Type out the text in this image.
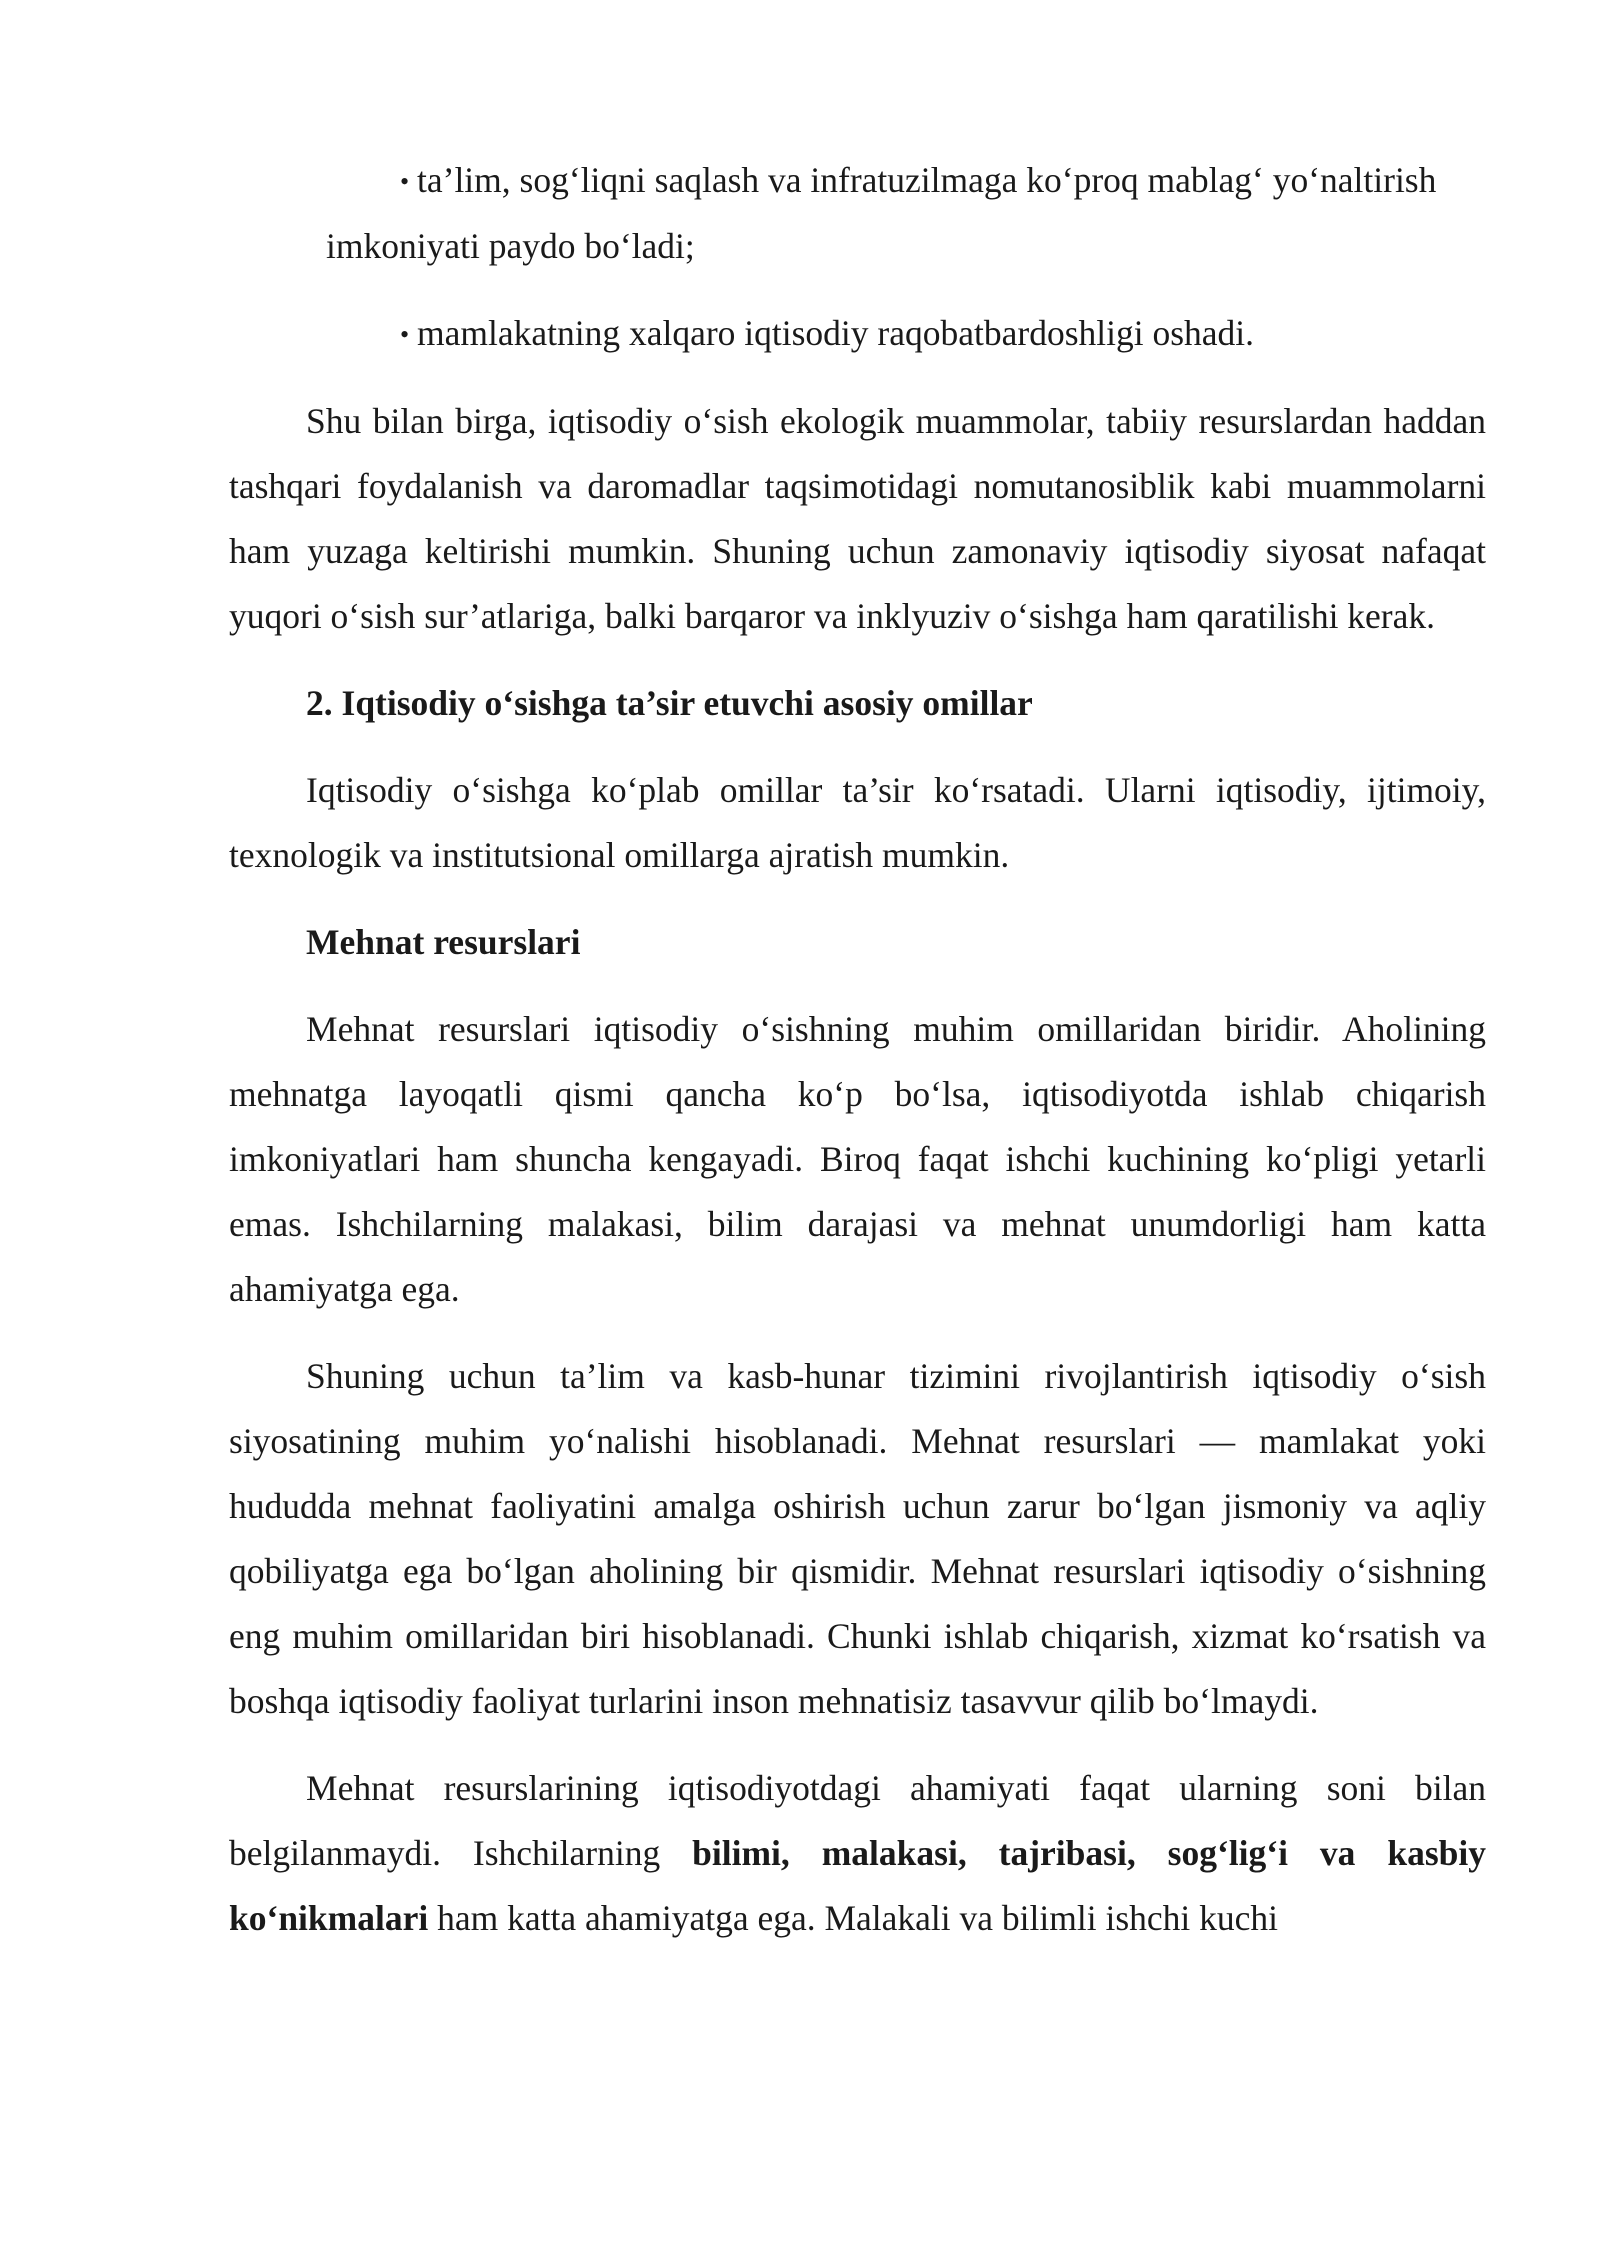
• ta’lim, sog‘liqni saqlash va infratuzilmaga ko‘proq mablag‘ yo‘naltirish
imkoniyati paydo bo‘ladi;
• mamlakatning xalqaro iqtisodiy raqobatbardoshligi oshadi.

Shu bilan birga, iqtisodiy o‘sish ekologik muammolar, tabiiy resurslardan haddan tashqari foydalanish va daromadlar taqsimotidagi nomutanosiblik kabi muammolarni ham yuzaga keltirishi mumkin. Shuning uchun zamonaviy iqtisodiy siyosat nafaqat yuqori o‘sish sur’atlariga, balki barqaror va inklyuziv o‘sishga ham qaratilishi kerak.

2. Iqtisodiy o‘sishga ta’sir etuvchi asosiy omillar

Iqtisodiy o‘sishga ko‘plab omillar ta’sir ko‘rsatadi. Ularni iqtisodiy, ijtimoiy, texnologik va institutsional omillarga ajratish mumkin.

Mehnat resurslari

Mehnat resurslari iqtisodiy o‘sishning muhim omillaridan biridir. Aholining mehnatga layoqatli qismi qancha ko‘p bo‘lsa, iqtisodiyotda ishlab chiqarish imkoniyatlari ham shuncha kengayadi. Biroq faqat ishchi kuchining ko‘pligi yetarli emas. Ishchilarning malakasi, bilim darajasi va mehnat unumdorligi ham katta ahamiyatga ega.

Shuning uchun ta’lim va kasb-hunar tizimini rivojlantirish iqtisodiy o‘sish siyosatining muhim yo‘nalishi hisoblanadi. Mehnat resurslari — mamlakat yoki hududda mehnat faoliyatini amalga oshirish uchun zarur bo‘lgan jismoniy va aqliy qobiliyatga ega bo‘lgan aholining bir qismidir. Mehnat resurslari iqtisodiy o‘sishning eng muhim omillaridan biri hisoblanadi. Chunki ishlab chiqarish, xizmat ko‘rsatish va boshqa iqtisodiy faoliyat turlarini inson mehnatisiz tasavvur qilib bo‘lmaydi.

Mehnat resurslarining iqtisodiyotdagi ahamiyati faqat ularning soni bilan belgilanmaydi. Ishchilarning bilimi, malakasi, tajribasi, sog‘lig‘i va kasbiy ko‘nikmalari ham katta ahamiyatga ega. Malakali va bilimli ishchi kuchi
